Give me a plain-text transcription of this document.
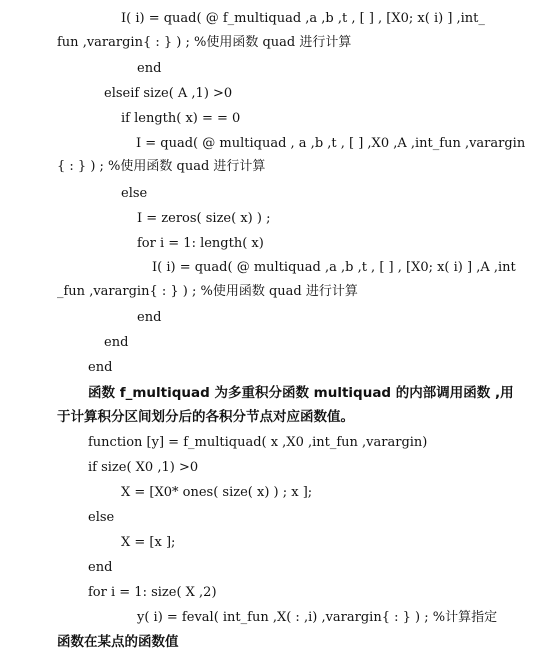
I( i) = quad( @ f_multiquad ,a ,b ,t , [ ] , [X0; x( i) ] ,int_
fun ,varargin{ : } ) ; %使用函数 quad 进行计算
end
elseif size( A ,1) >0
if length( x) = = 0
I = quad( @ multiquad , a ,b ,t , [ ] ,X0 ,A ,int_fun ,varargin
{ : } ) ; %使用函数 quad 进行计算
else
I = zeros( size( x) ) ;
for i = 1: length( x)
I( i) = quad( @ multiquad ,a ,b ,t , [ ] , [X0; x( i) ] ,A ,int
_fun ,varargin{ : } ) ; %使用函数 quad 进行计算
end
end
end
函数 f_multiquad 为多重积分函数 multiquad 的内部调用函数 ,用
于计算积分区间划分后的各积分节点对应函数值。
function [y] = f_multiquad( x ,X0 ,int_fun ,varargin)
if size( X0 ,1) >0
X = [X0* ones( size( x) ) ; x ];
else
X = [x ];
end
for i = 1: size( X ,2)
y( i) = feval( int_fun ,X( : ,i) ,varargin{ : } ) ; %计算指定
函数在某点的函数值
